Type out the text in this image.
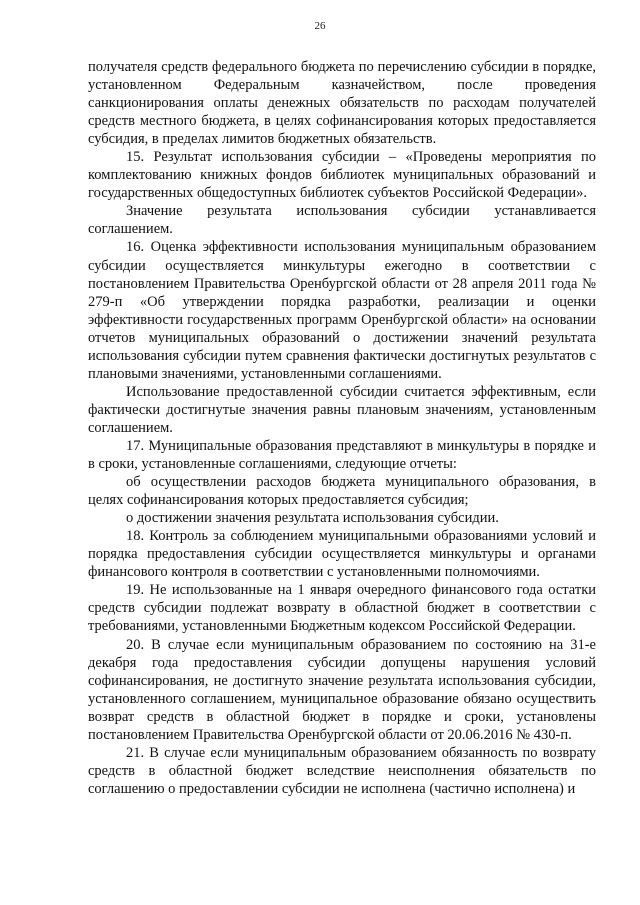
26

получателя средств федерального бюджета по перечислению субсидии в порядке, установленном Федеральным казначейством, после проведения санкционирования оплаты денежных обязательств по расходам получателей средств местного бюджета, в целях софинансирования которых предоставляется субсидия, в пределах лимитов бюджетных обязательств.

15. Результат использования субсидии – «Проведены мероприятия по комплектованию книжных фондов библиотек муниципальных образований и государственных общедоступных библиотек субъектов Российской Федерации».

Значение результата использования субсидии устанавливается соглашением.

16. Оценка эффективности использования муниципальным образованием субсидии осуществляется минкультуры ежегодно в соответствии с постановлением Правительства Оренбургской области от 28 апреля 2011 года № 279-п «Об утверждении порядка разработки, реализации и оценки эффективности государственных программ Оренбургской области» на основании отчетов муниципальных образований о достижении значений результата использования субсидии путем сравнения фактически достигнутых результатов с плановыми значениями, установленными соглашениями.

Использование предоставленной субсидии считается эффективным, если фактически достигнутые значения равны плановым значениям, установленным соглашением.

17. Муниципальные образования представляют в минкультуры в порядке и в сроки, установленные соглашениями, следующие отчеты:

об осуществлении расходов бюджета муниципального образования, в целях софинансирования которых предоставляется субсидия;

о достижении значения результата использования субсидии.

18. Контроль за соблюдением муниципальными образованиями условий и порядка предоставления субсидии осуществляется минкультуры и органами финансового контроля в соответствии с установленными полномочиями.

19. Не использованные на 1 января очередного финансового года остатки средств субсидии подлежат возврату в областной бюджет в соответствии с требованиями, установленными Бюджетным кодексом Российской Федерации.

20. В случае если муниципальным образованием по состоянию на 31-е декабря года предоставления субсидии допущены нарушения условий софинансирования, не достигнуто значение результата использования субсидии, установленного соглашением, муниципальное образование обязано осуществить возврат средств в областной бюджет в порядке и сроки, установлены постановлением Правительства Оренбургской области от 20.06.2016 № 430-п.

21. В случае если муниципальным образованием обязанность по возврату средств в областной бюджет вследствие неисполнения обязательств по соглашению о предоставлении субсидии не исполнена (частично исполнена) и
